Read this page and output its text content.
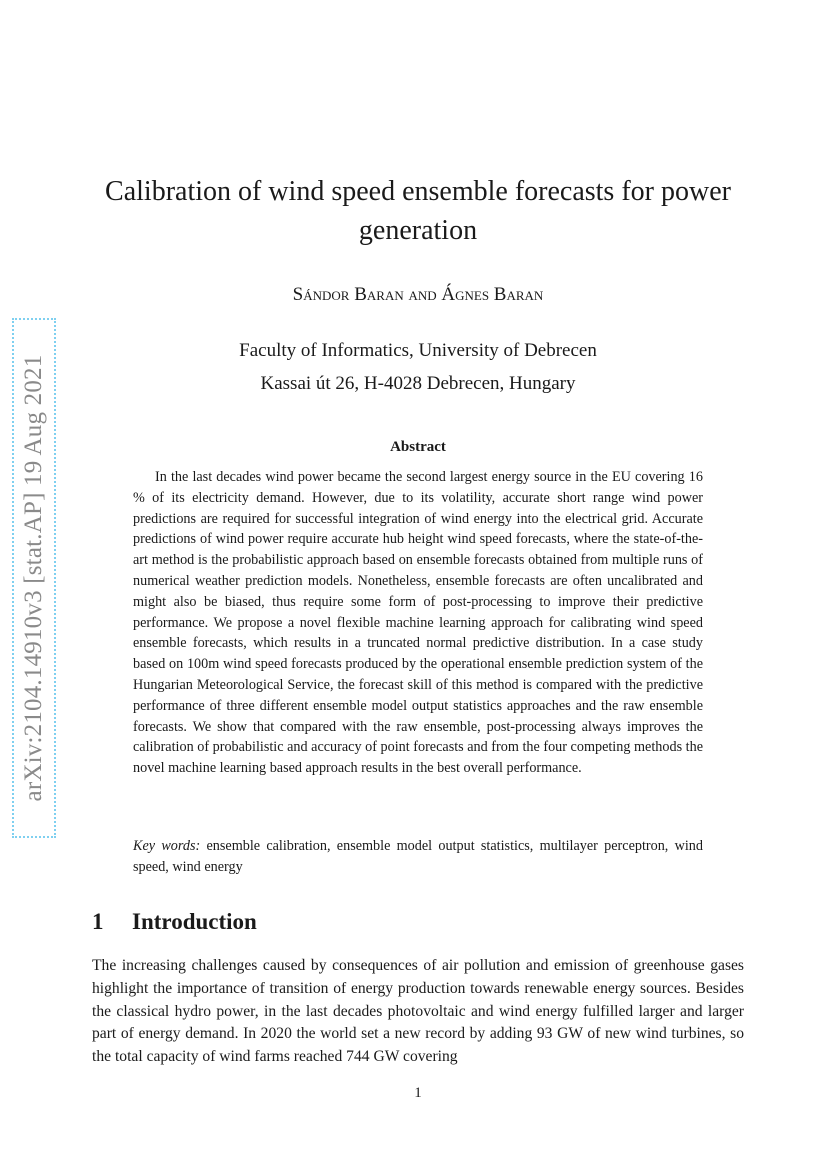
arXiv:2104.14910v3 [stat.AP] 19 Aug 2021
Calibration of wind speed ensemble forecasts for power generation
Sándor Baran and Ágnes Baran
Faculty of Informatics, University of Debrecen
Kassai út 26, H-4028 Debrecen, Hungary
Abstract

In the last decades wind power became the second largest energy source in the EU covering 16 % of its electricity demand. However, due to its volatility, accurate short range wind power predictions are required for successful integration of wind energy into the electrical grid. Accurate predictions of wind power require accurate hub height wind speed forecasts, where the state-of-the-art method is the probabilistic approach based on ensemble forecasts obtained from multiple runs of numerical weather prediction models. Nonetheless, ensemble forecasts are often uncalibrated and might also be biased, thus require some form of post-processing to improve their predictive performance. We propose a novel flexible machine learning approach for calibrating wind speed ensemble forecasts, which results in a truncated normal predictive distribution. In a case study based on 100m wind speed forecasts produced by the operational ensemble prediction system of the Hungarian Meteorological Service, the forecast skill of this method is compared with the predictive performance of three different ensemble model output statistics approaches and the raw ensemble forecasts. We show that compared with the raw ensemble, post-processing always improves the calibration of probabilistic and accuracy of point forecasts and from the four competing methods the novel machine learning based approach results in the best overall performance.

Key words: ensemble calibration, ensemble model output statistics, multilayer perceptron, wind speed, wind energy

1 Introduction

The increasing challenges caused by consequences of air pollution and emission of greenhouse gases highlight the importance of transition of energy production towards renewable energy sources. Besides the classical hydro power, in the last decades photovoltaic and wind energy fulfilled larger and larger part of energy demand. In 2020 the world set a new record by adding 93 GW of new wind turbines, so the total capacity of wind farms reached 744 GW covering

1
